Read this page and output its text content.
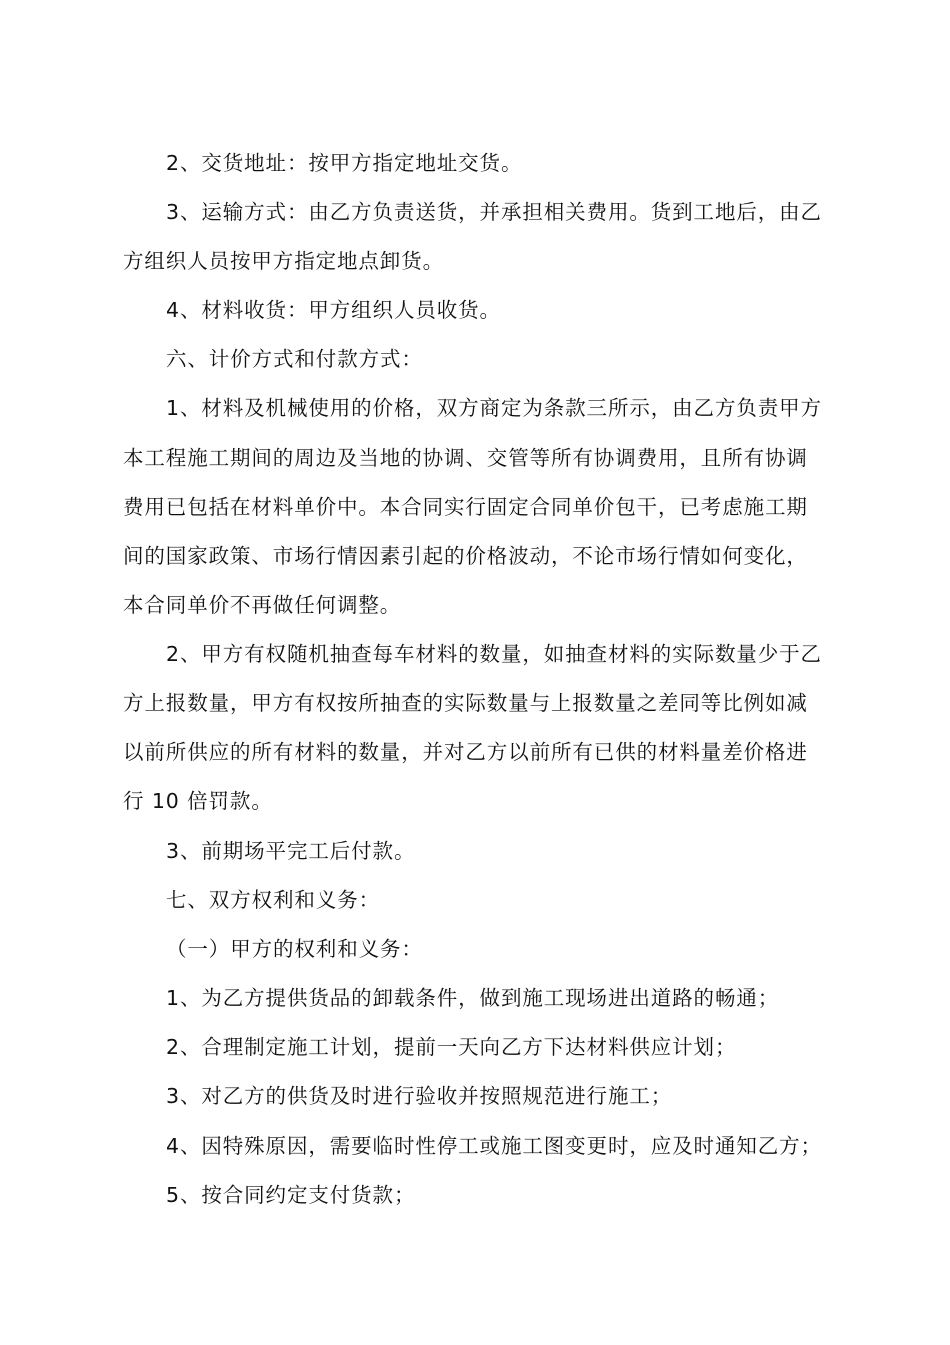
2、交货地址：按甲方指定地址交货。
3、运输方式：由乙方负责送货，并承担相关费用。货到工地后，由乙
方组织人员按甲方指定地点卸货。
4、材料收货：甲方组织人员收货。
六、计价方式和付款方式：
1、材料及机械使用的价格，双方商定为条款三所示，由乙方负责甲方
本工程施工期间的周边及当地的协调、交管等所有协调费用，且所有协调
费用已包括在材料单价中。本合同实行固定合同单价包干，已考虑施工期
间的国家政策、市场行情因素引起的价格波动，不论市场行情如何变化，
本合同单价不再做任何调整。
2、甲方有权随机抽查每车材料的数量，如抽查材料的实际数量少于乙
方上报数量，甲方有权按所抽查的实际数量与上报数量之差同等比例如减
以前所供应的所有材料的数量，并对乙方以前所有已供的材料量差价格进
行 10 倍罚款。
3、前期场平完工后付款。
七、双方权利和义务：
（一）甲方的权利和义务：
1、为乙方提供货品的卸载条件，做到施工现场进出道路的畅通；
2、合理制定施工计划，提前一天向乙方下达材料供应计划；
3、对乙方的供货及时进行验收并按照规范进行施工；
4、因特殊原因，需要临时性停工或施工图变更时，应及时通知乙方；
5、按合同约定支付货款；
